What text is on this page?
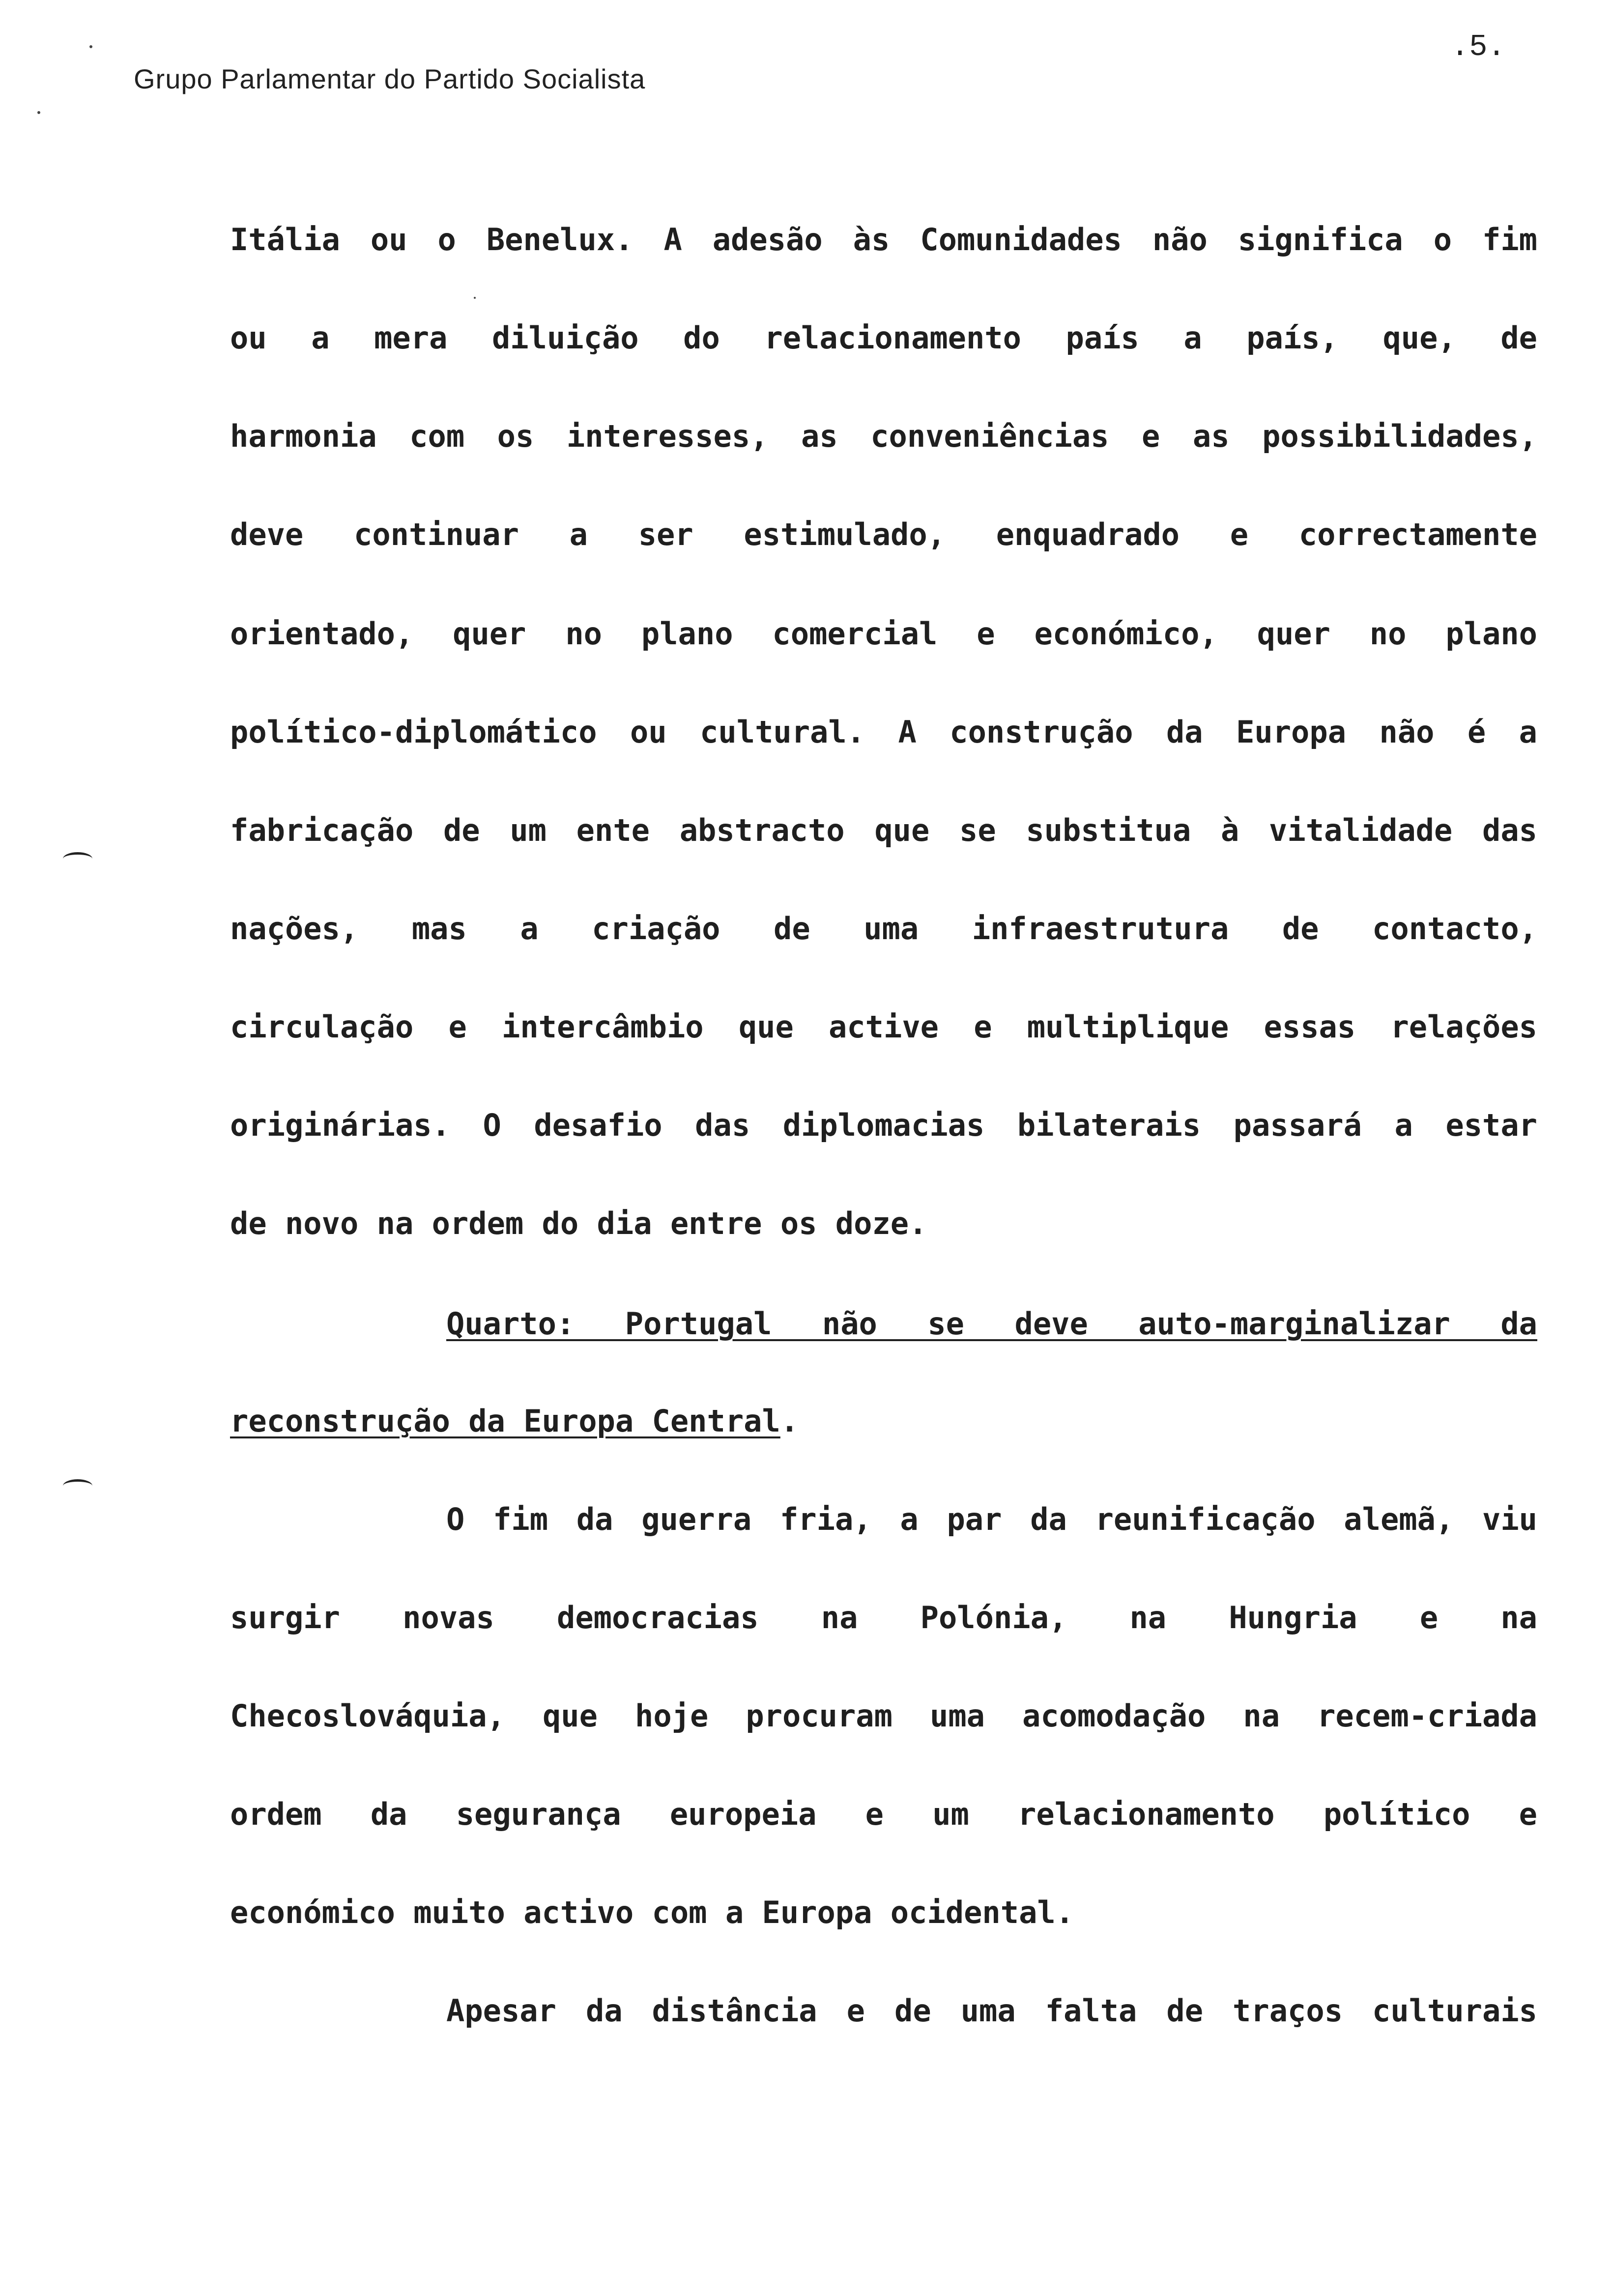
Grupo Parlamentar do Partido Socialista
.5.
Itália ou o Benelux. A adesão às Comunidades não significa o fim
ou a mera diluição do relacionamento país a país, que, de
harmonia com os interesses, as conveniências e as possibilidades,
deve continuar a ser estimulado, enquadrado e correctamente
orientado, quer no plano comercial e económico, quer no plano
político-diplomático ou cultural. A construção da Europa não é a
fabricação de um ente abstracto que se substitua à vitalidade das
nações, mas a criação de uma infraestrutura de contacto,
circulação e intercâmbio que active e multiplique essas relações
originárias. O desafio das diplomacias bilaterais passará a estar
de novo na ordem do dia entre os doze.
Quarto: Portugal não se deve auto-marginalizar da
reconstrução da Europa Central.
O fim da guerra fria, a par da reunificação alemã, viu
surgir novas democracias na Polónia, na Hungria e na
Checoslováquia, que hoje procuram uma acomodação na recem-criada
ordem da segurança europeia e um relacionamento político e
económico muito activo com a Europa ocidental.
Apesar da distância e de uma falta de traços culturais
